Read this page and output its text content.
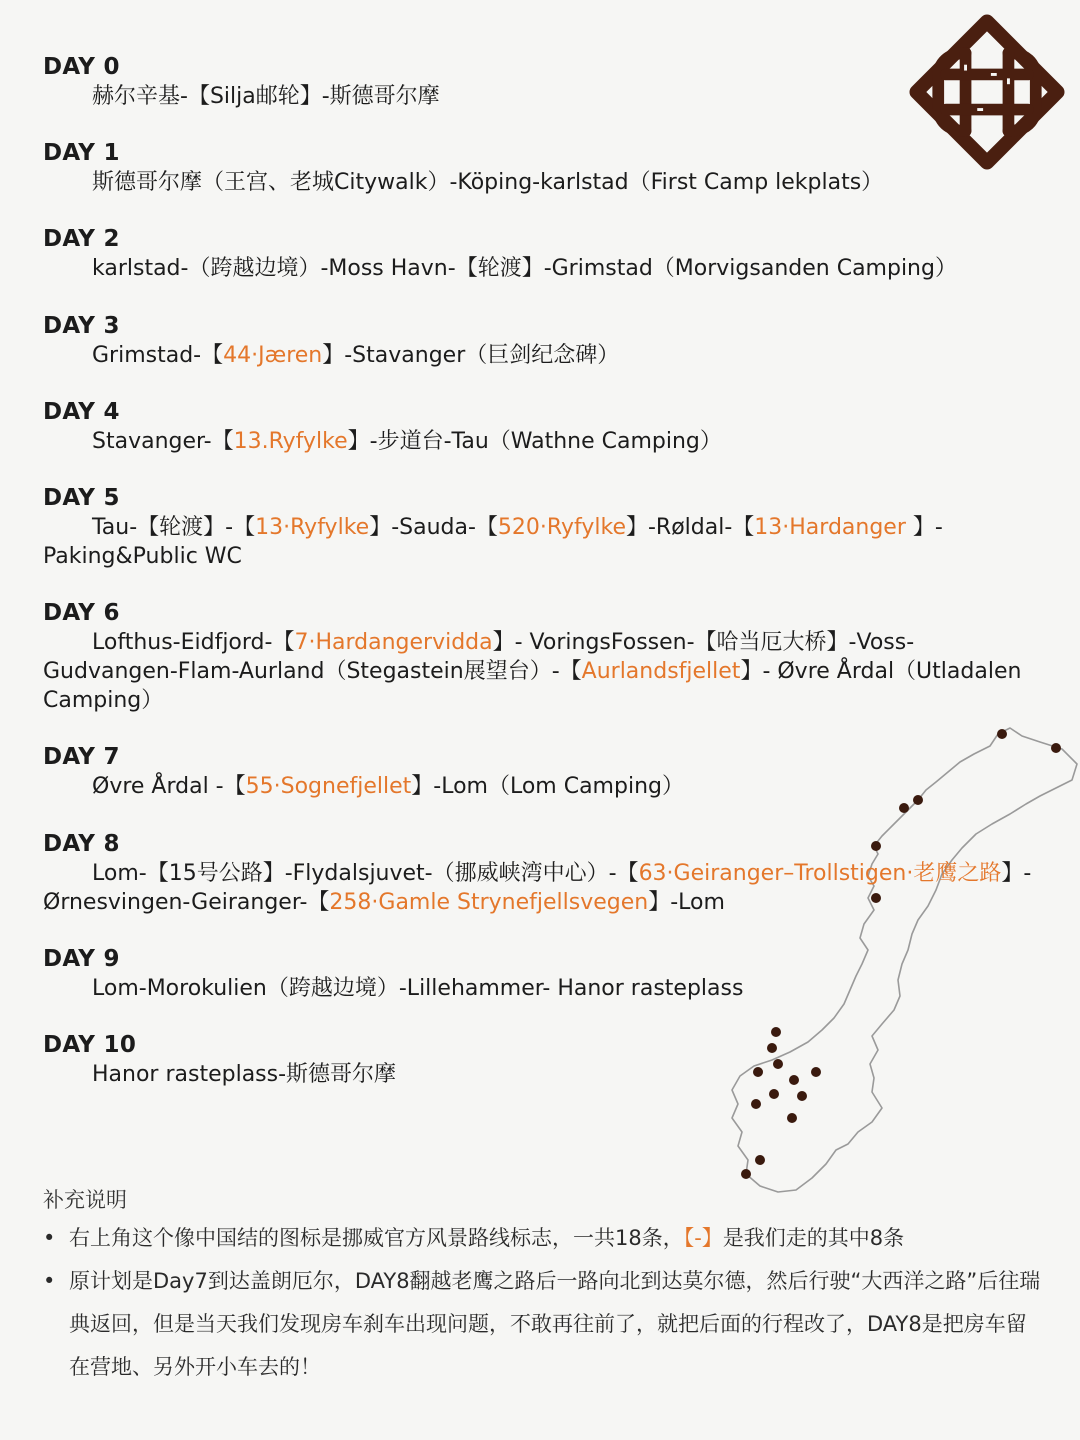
DAY 0
赫尔辛基-【Silja邮轮】-斯德哥尔摩
DAY 1
斯德哥尔摩（王宫、老城Citywalk）-Köping-karlstad（First Camp lekplats）
DAY 2
karlstad-（跨越边境）-Moss Havn-【轮渡】-Grimstad（Morvigsanden Camping）
DAY 3
Grimstad-【44·Jæren】-Stavanger（巨剑纪念碑）
DAY 4
Stavanger-【13.Ryfylke】-步道台-Tau（Wathne Camping）
DAY 5
Tau-【轮渡】-【13·Ryfylke】-Sauda-【520·Ryfylke】-Røldal-【13·Hardanger 】-Paking&Public WC
DAY 6
Lofthus-Eidfjord-【7·Hardangervidda】- VoringsFossen-【哈当厄大桥】-Voss-Gudvangen-Flam-Aurland（Stegastein展望台）-【Aurlandsfjellet】- Øvre Årdal（Utladalen Camping）
DAY 7
Øvre Årdal -【55·Sognefjellet】-Lom（Lom Camping）
DAY 8
Lom-【15号公路】-Flydalsjuvet-（挪威峡湾中心）-【63·Geiranger–Trollstigen·老鹰之路】-Ørnesvingen-Geiranger-【258·Gamle Strynefjellsvegen】-Lom
DAY 9
Lom-Morokulien（跨越边境）-Lillehammer- Hanor rasteplass
DAY 10
Hanor rasteplass-斯德哥尔摩
补充说明
• 右上角这个像中国结的图标是挪威官方风景路线标志，一共18条，【-】是我们走的其中8条
• 原计划是Day7到达盖朗厄尔，DAY8翻越老鹰之路后一路向北到达莫尔德，然后行驶“大西洋之路”后往瑞典返回，但是当天我们发现房车刹车出现问题，不敢再往前了，就把后面的行程改了，DAY8是把房车留在营地、另外开小车去的！
